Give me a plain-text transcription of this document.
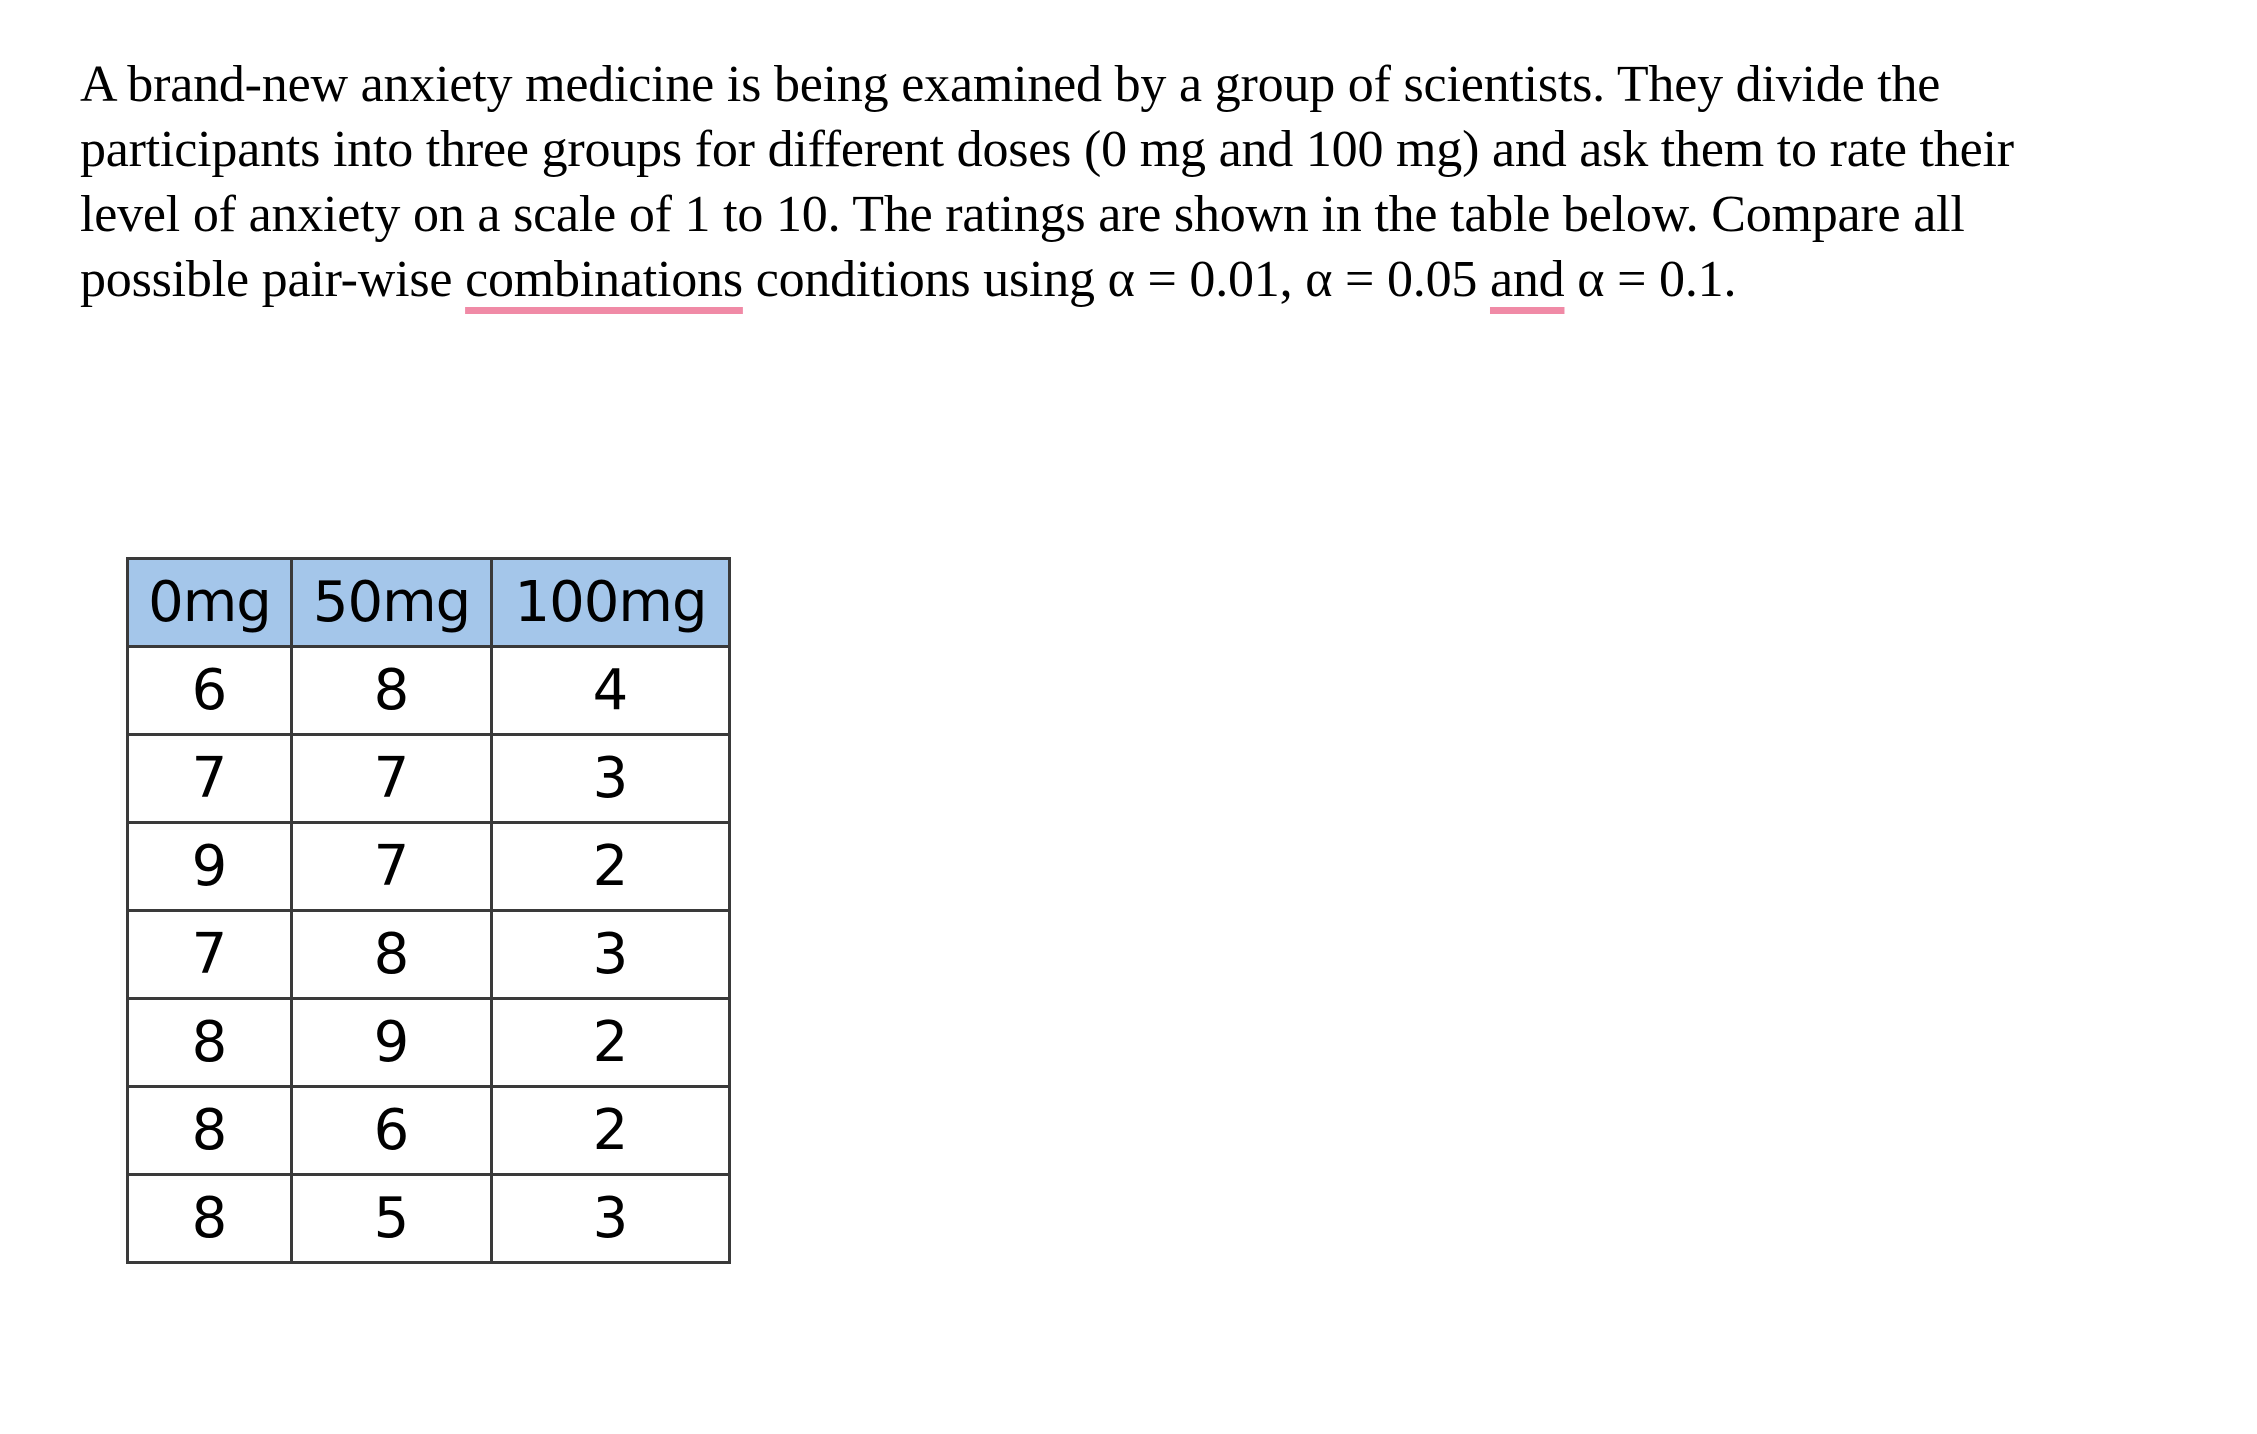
A brand-new anxiety medicine is being examined by a group of scientists. They divide the
participants into three groups for different doses (0 mg and 100 mg) and ask them to rate their
level of anxiety on a scale of 1 to 10. The ratings are shown in the table below. Compare all
possible pair-wise combinations conditions using α = 0.01, α = 0.05 and α = 0.1.

0mg	50mg	100mg
6	8	4
7	7	3
9	7	2
7	8	3
8	9	2
8	6	2
8	5	3
